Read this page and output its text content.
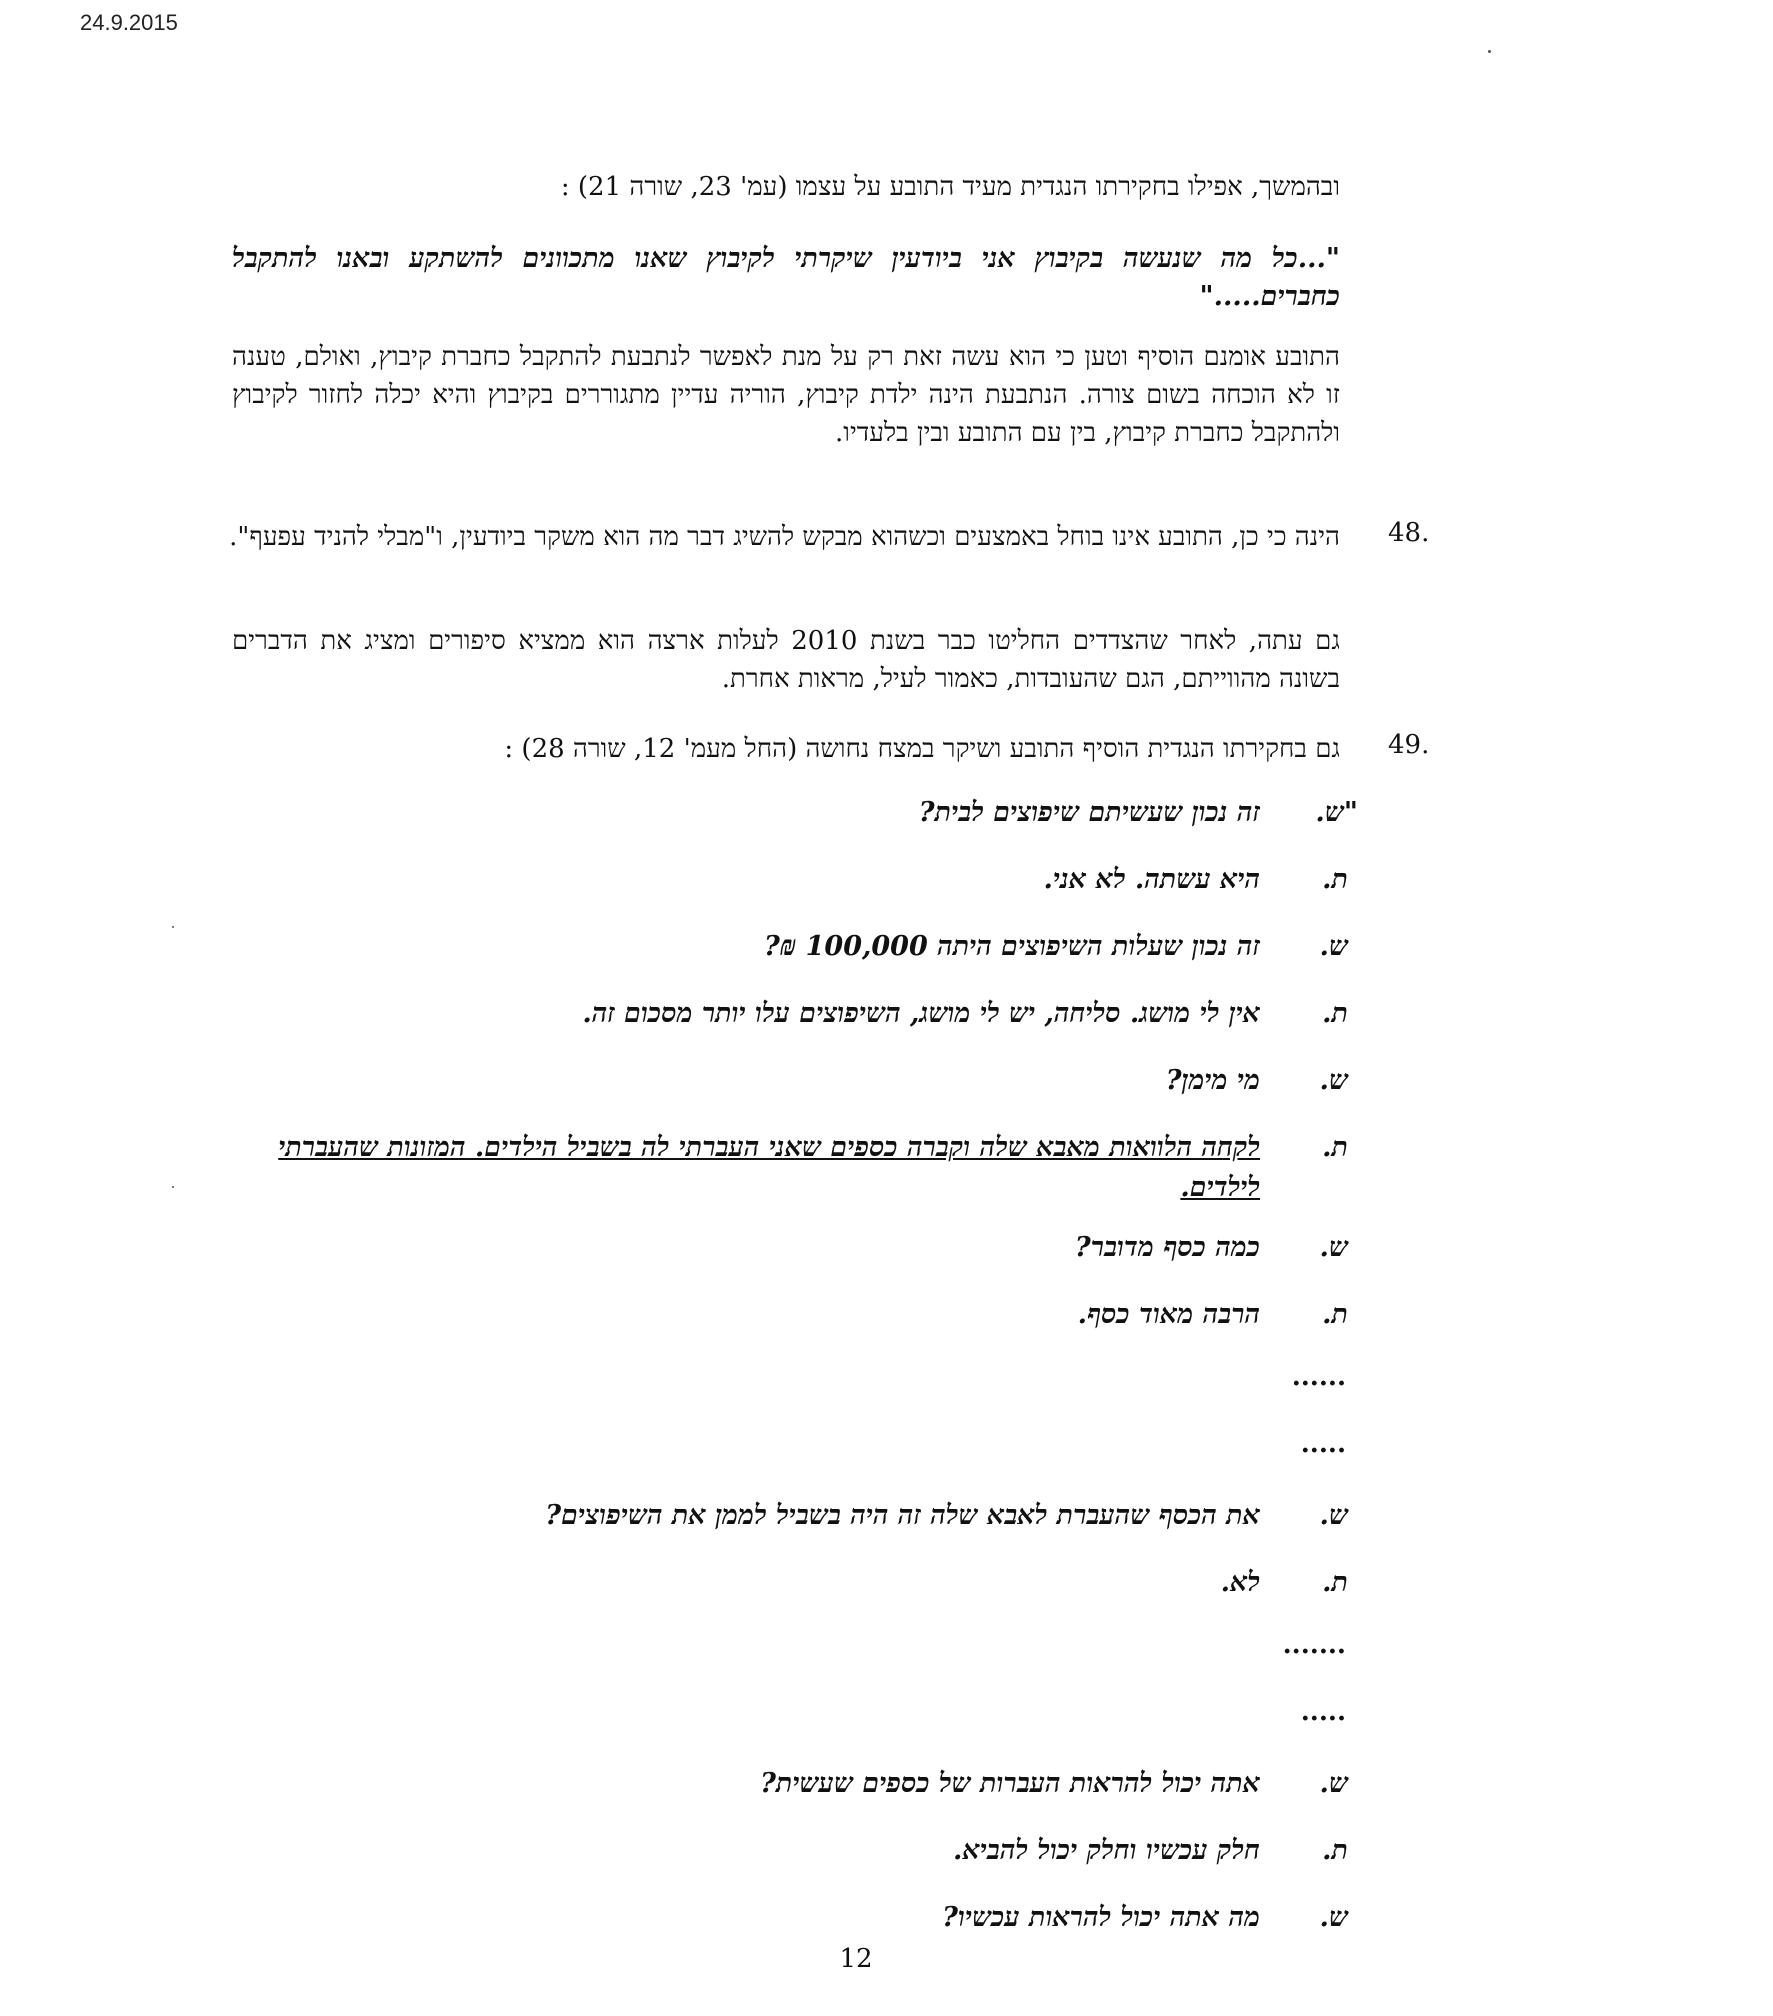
24.9.2015
ובהמשך, אפילו בחקירתו הנגדית מעיד התובע על עצמו (עמ' 23, שורה 21) :
"...כל מה שנעשה בקיבוץ אני ביודעין שיקרתי לקיבוץ שאנו מתכוונים להשתקע ובאנו להתקבל כחברים....."
התובע אומנם הוסיף וטען כי הוא עשה זאת רק על מנת לאפשר לנתבעת להתקבל כחברת קיבוץ, ואולם, טענה זו לא הוכחה בשום צורה. הנתבעת הינה ילדת קיבוץ, הוריה עדיין מתגוררים בקיבוץ והיא יכלה לחזור לקיבוץ ולהתקבל כחברת קיבוץ, בין עם התובע ובין בלעדיו.
48.
הינה כי כן, התובע אינו בוחל באמצעים וכשהוא מבקש להשיג דבר מה הוא משקר ביודעין, ו"מבלי להניד עפעף".
גם עתה, לאחר שהצדדים החליטו כבר בשנת 2010 לעלות ארצה הוא ממציא סיפורים ומציג את הדברים בשונה מהווייתם, הגם שהעובדות, כאמור לעיל, מראות אחרת.
49.
גם בחקירתו הנגדית הוסיף התובע ושיקר במצח נחושה (החל מעמ' 12, שורה 28) :
"ש.
זה נכון שעשיתם שיפוצים לבית?
ת.
היא עשתה. לא אני.
ש.
זה נכון שעלות השיפוצים היתה 100,000 ₪?
ת.
אין לי מושג. סליחה, יש לי מושג, השיפוצים עלו יותר מסכום זה.
ש.
מי מימן?
ת.
לקחה הלוואות מאבא שלה וקברה כספים שאני העברתי לה בשביל הילדים. המזונות שהעברתי לילדים.
ש.
כמה כסף מדובר?
ת.
הרבה מאוד כסף.
......
.....
ש.
את הכסף שהעברת לאבא שלה זה היה בשביל לממן את השיפוצים?
ת.
לא.
.......
.....
ש.
אתה יכול להראות העברות של כספים שעשית?
ת.
חלק עכשיו וחלק יכול להביא.
ש.
מה אתה יכול להראות עכשיו?
12
